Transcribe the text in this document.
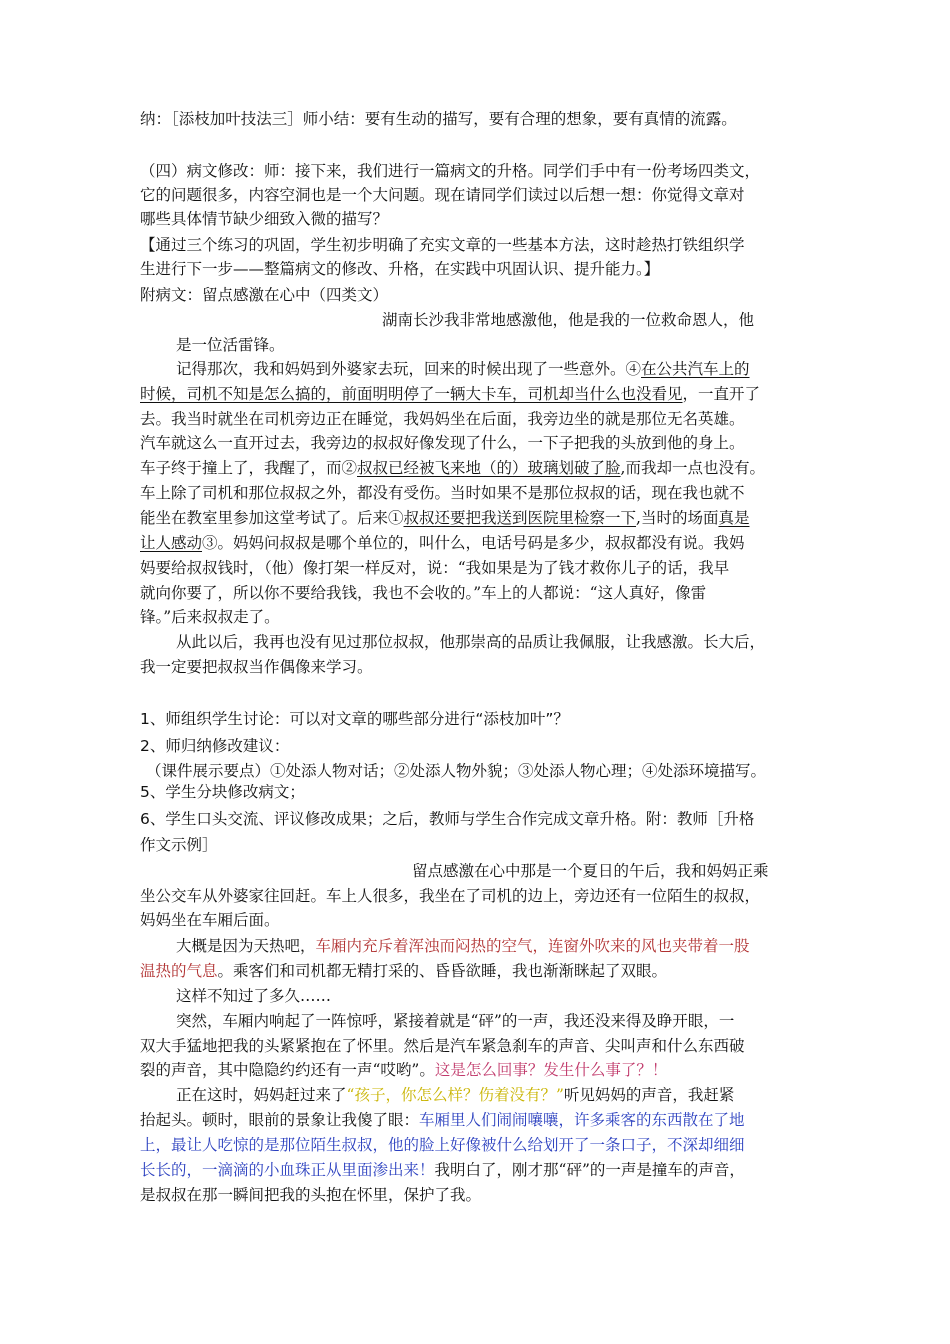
纳：［添枝加叶技法三］师小结：要有生动的描写，要有合理的想象，要有真情的流露。
（四）病文修改：师：接下来，我们进行一篇病文的升格。同学们手中有一份考场四类文，
它的问题很多，内容空洞也是一个大问题。现在请同学们读过以后想一想：你觉得文章对
哪些具体情节缺少细致入微的描写？
【通过三个练习的巩固，学生初步明确了充实文章的一些基本方法，这时趁热打铁组织学
生进行下一步——整篇病文的修改、升格，在实践中巩固认识、提升能力。】
附病文：留点感激在心中（四类文）
湖南长沙我非常地感激他，他是我的一位救命恩人，他
是一位活雷锋。
记得那次，我和妈妈到外婆家去玩，回来的时候出现了一些意外。④在公共汽车上的
时候，司机不知是怎么搞的，前面明明停了一辆大卡车，司机却当什么也没看见，一直开了
去。我当时就坐在司机旁边正在睡觉，我妈妈坐在后面，我旁边坐的就是那位无名英雄。
汽车就这么一直开过去，我旁边的叔叔好像发现了什么，一下子把我的头放到他的身上。
车子终于撞上了，我醒了，而②叔叔已经被飞来地（的）玻璃划破了脸,而我却一点也没有。
车上除了司机和那位叔叔之外，都没有受伤。当时如果不是那位叔叔的话，现在我也就不
能坐在教室里参加这堂考试了。后来①叔叔还要把我送到医院里检察一下,当时的场面真是
让人感动③。妈妈问叔叔是哪个单位的，叫什么，电话号码是多少，叔叔都没有说。我妈
妈要给叔叔钱时，（他）像打架一样反对，说：“我如果是为了钱才救你儿子的话，我早
就向你要了，所以你不要给我钱，我也不会收的。”车上的人都说：“这人真好，像雷
锋。”后来叔叔走了。
从此以后，我再也没有见过那位叔叔，他那崇高的品质让我佩服，让我感激。长大后，
我一定要把叔叔当作偶像来学习。
1、师组织学生讨论：可以对文章的哪些部分进行“添枝加叶”？
2、师归纳修改建议：
（课件展示要点）①处添人物对话；②处添人物外貌；③处添人物心理；④处添环境描写。
5、学生分块修改病文；
6、学生口头交流、评议修改成果；之后，教师与学生合作完成文章升格。附：教师［升格
作文示例］
留点感激在心中那是一个夏日的午后，我和妈妈正乘
坐公交车从外婆家往回赶。车上人很多，我坐在了司机的边上，旁边还有一位陌生的叔叔，
妈妈坐在车厢后面。
大概是因为天热吧，车厢内充斥着浑浊而闷热的空气，连窗外吹来的风也夹带着一股
温热的气息。乘客们和司机都无精打采的、昏昏欲睡，我也渐渐眯起了双眼。
这样不知过了多久……
突然，车厢内响起了一阵惊呼，紧接着就是“砰”的一声，我还没来得及睁开眼，一
双大手猛地把我的头紧紧抱在了怀里。然后是汽车紧急刹车的声音、尖叫声和什么东西破
裂的声音，其中隐隐约约还有一声“哎哟”。这是怎么回事？发生什么事了？！
正在这时，妈妈赶过来了“孩子，你怎么样？伤着没有？”听见妈妈的声音，我赶紧
抬起头。顿时，眼前的景象让我傻了眼：车厢里人们闹闹嚷嚷，许多乘客的东西散在了地
上，最让人吃惊的是那位陌生叔叔，他的脸上好像被什么给划开了一条口子，不深却细细
长长的，一滴滴的小血珠正从里面渗出来！我明白了，刚才那“砰”的一声是撞车的声音，
是叔叔在那一瞬间把我的头抱在怀里，保护了我。
